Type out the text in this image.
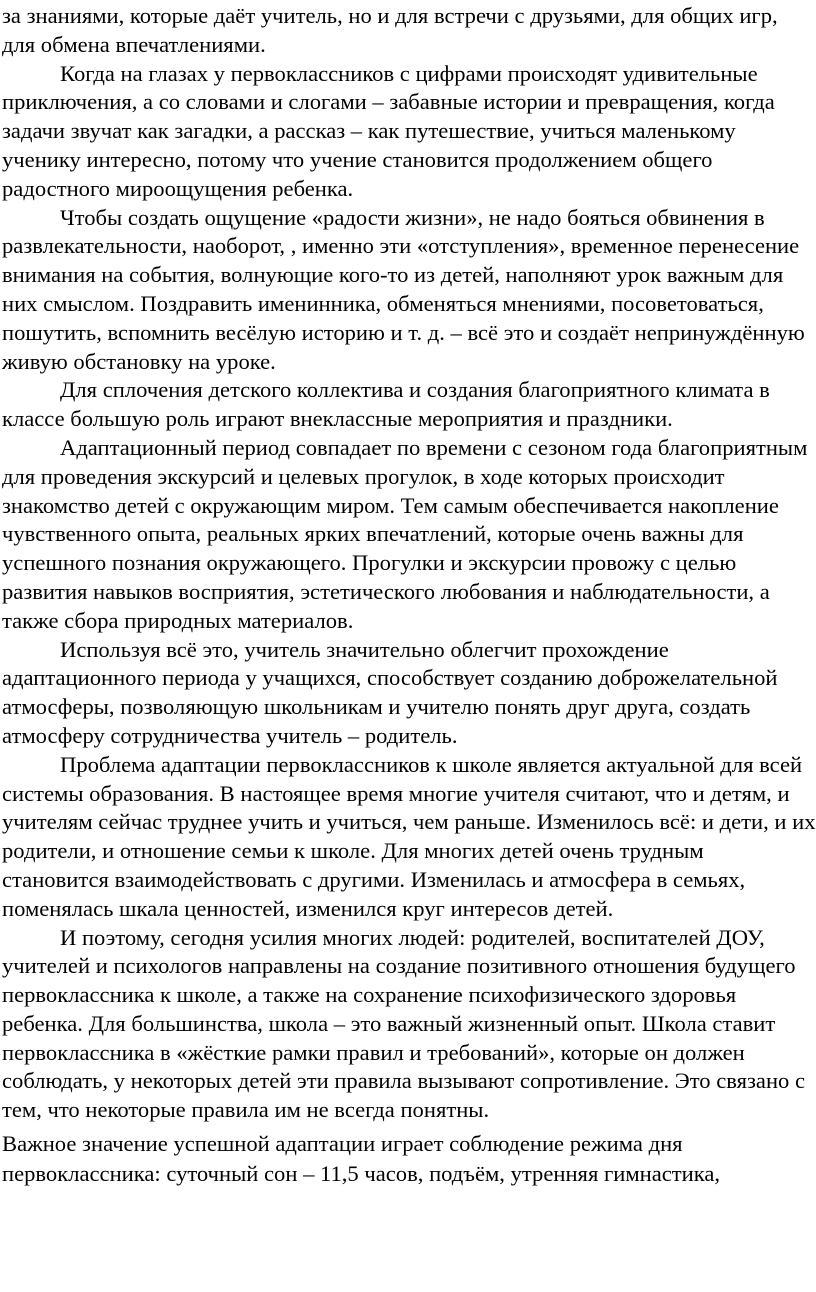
за знаниями, которые даёт учитель, но и для встречи с друзьями, для общих игр, для обмена впечатлениями.

Когда на глазах у первоклассников с цифрами происходят удивительные приключения, а со словами и слогами – забавные истории и превращения, когда задачи звучат как загадки, а рассказ – как путешествие, учиться маленькому ученику интересно, потому что учение становится продолжением общего радостного мироощущения ребенка.

Чтобы создать ощущение «радости жизни», не надо бояться обвинения в развлекательности, наоборот, , именно эти «отступления», временное перенесение внимания на события, волнующие кого-то из детей, наполняют урок важным для них смыслом. Поздравить именинника, обменяться мнениями, посоветоваться, пошутить, вспомнить весёлую историю и т. д. – всё это и создаёт непринуждённую живую обстановку на уроке.

Для сплочения детского коллектива и создания благоприятного климата в классе большую роль играют внеклассные мероприятия и праздники.

Адаптационный период совпадает по времени с сезоном года благоприятным для проведения экскурсий и целевых прогулок, в ходе которых происходит знакомство детей с окружающим миром. Тем самым обеспечивается накопление чувственного опыта, реальных ярких впечатлений, которые очень важны для успешного познания окружающего. Прогулки и экскурсии провожу с целью развития навыков восприятия, эстетического любования и наблюдательности, а также сбора природных материалов.

Используя всё это, учитель значительно облегчит прохождение адаптационного периода у учащихся, способствует созданию доброжелательной атмосферы, позволяющую школьникам и учителю понять друг друга, создать атмосферу сотрудничества учитель – родитель.

Проблема адаптации первоклассников к школе является актуальной для всей системы образования. В настоящее время многие учителя считают, что и детям, и учителям сейчас труднее учить и учиться, чем раньше. Изменилось всё: и дети, и их родители, и отношение семьи к школе. Для многих детей очень трудным становится взаимодействовать с другими. Изменилась и атмосфера в семьях, поменялась шкала ценностей, изменился круг интересов детей.

И поэтому, сегодня усилия многих людей: родителей, воспитателей ДОУ, учителей и психологов направлены на создание позитивного отношения будущего первоклассника к школе, а также на сохранение психофизического здоровья ребенка. Для большинства, школа – это важный жизненный опыт. Школа ставит первоклассника в «жёсткие рамки правил и требований», которые он должен соблюдать, у некоторых детей эти правила вызывают сопротивление. Это связано с тем, что некоторые правила им не всегда понятны.

Важное значение успешной адаптации играет соблюдение режима дня первоклассника: суточный сон – 11,5 часов, подъём, утренняя гимнастика,
